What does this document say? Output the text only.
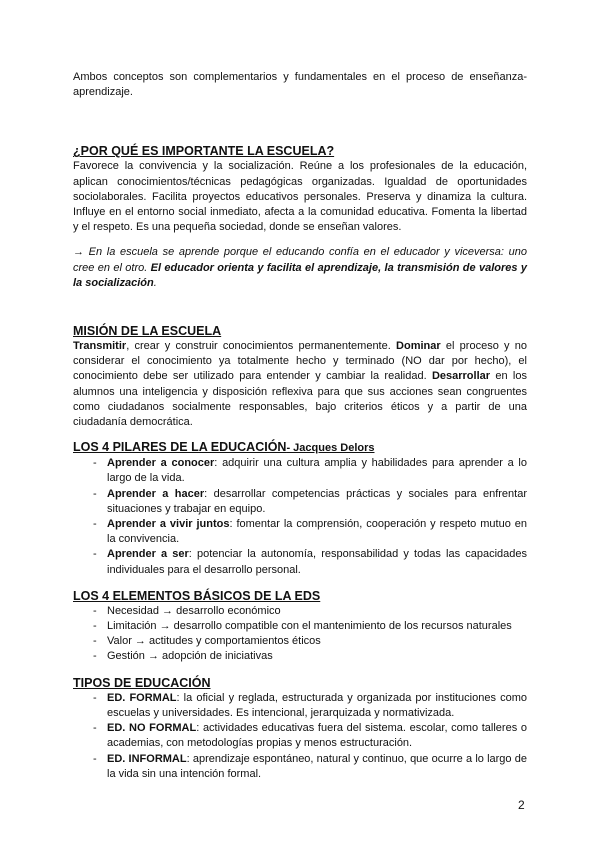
Ambos conceptos son complementarios y fundamentales en el proceso de enseñanza-aprendizaje.

¿POR QUÉ ES IMPORTANTE LA ESCUELA?

Favorece la convivencia y la socialización. Reúne a los profesionales de la educación, aplican conocimientos/técnicas pedagógicas organizadas. Igualdad de oportunidades sociolaborales. Facilita proyectos educativos personales. Preserva y dinamiza la cultura. Influye en el entorno social inmediato, afecta a la comunidad educativa. Fomenta la libertad y el respeto. Es una pequeña sociedad, donde se enseñan valores.

→ En la escuela se aprende porque el educando confía en el educador y viceversa: uno cree en el otro. El educador orienta y facilita el aprendizaje, la transmisión de valores y la socialización.

MISIÓN DE LA ESCUELA

Transmitir, crear y construir conocimientos permanentemente. Dominar el proceso y no considerar el conocimiento ya totalmente hecho y terminado (NO dar por hecho), el conocimiento debe ser utilizado para entender y cambiar la realidad. Desarrollar en los alumnos una inteligencia y disposición reflexiva para que sus acciones sean congruentes como ciudadanos socialmente responsables, bajo criterios éticos y a partir de una ciudadanía democrática.

LOS 4 PILARES DE LA EDUCACIÓN- Jacques Delors
- Aprender a conocer: adquirir una cultura amplia y habilidades para aprender a lo largo de la vida.
- Aprender a hacer: desarrollar competencias prácticas y sociales para enfrentar situaciones y trabajar en equipo.
- Aprender a vivir juntos: fomentar la comprensión, cooperación y respeto mutuo en la convivencia.
- Aprender a ser: potenciar la autonomía, responsabilidad y todas las capacidades individuales para el desarrollo personal.
LOS 4 ELEMENTOS BÁSICOS DE LA EDS
- Necesidad → desarrollo económico
- Limitación → desarrollo compatible con el mantenimiento de los recursos naturales
- Valor → actitudes y comportamientos éticos
- Gestión → adopción de iniciativas
TIPOS DE EDUCACIÓN
- ED. FORMAL: la oficial y reglada, estructurada y organizada por instituciones como escuelas y universidades. Es intencional, jerarquizada y normativizada.
- ED. NO FORMAL: actividades educativas fuera del sistema. escolar, como talleres o academias, con metodologías propias y menos estructuración.
- ED. INFORMAL: aprendizaje espontáneo, natural y continuo, que ocurre a lo largo de la vida sin una intención formal.
2
